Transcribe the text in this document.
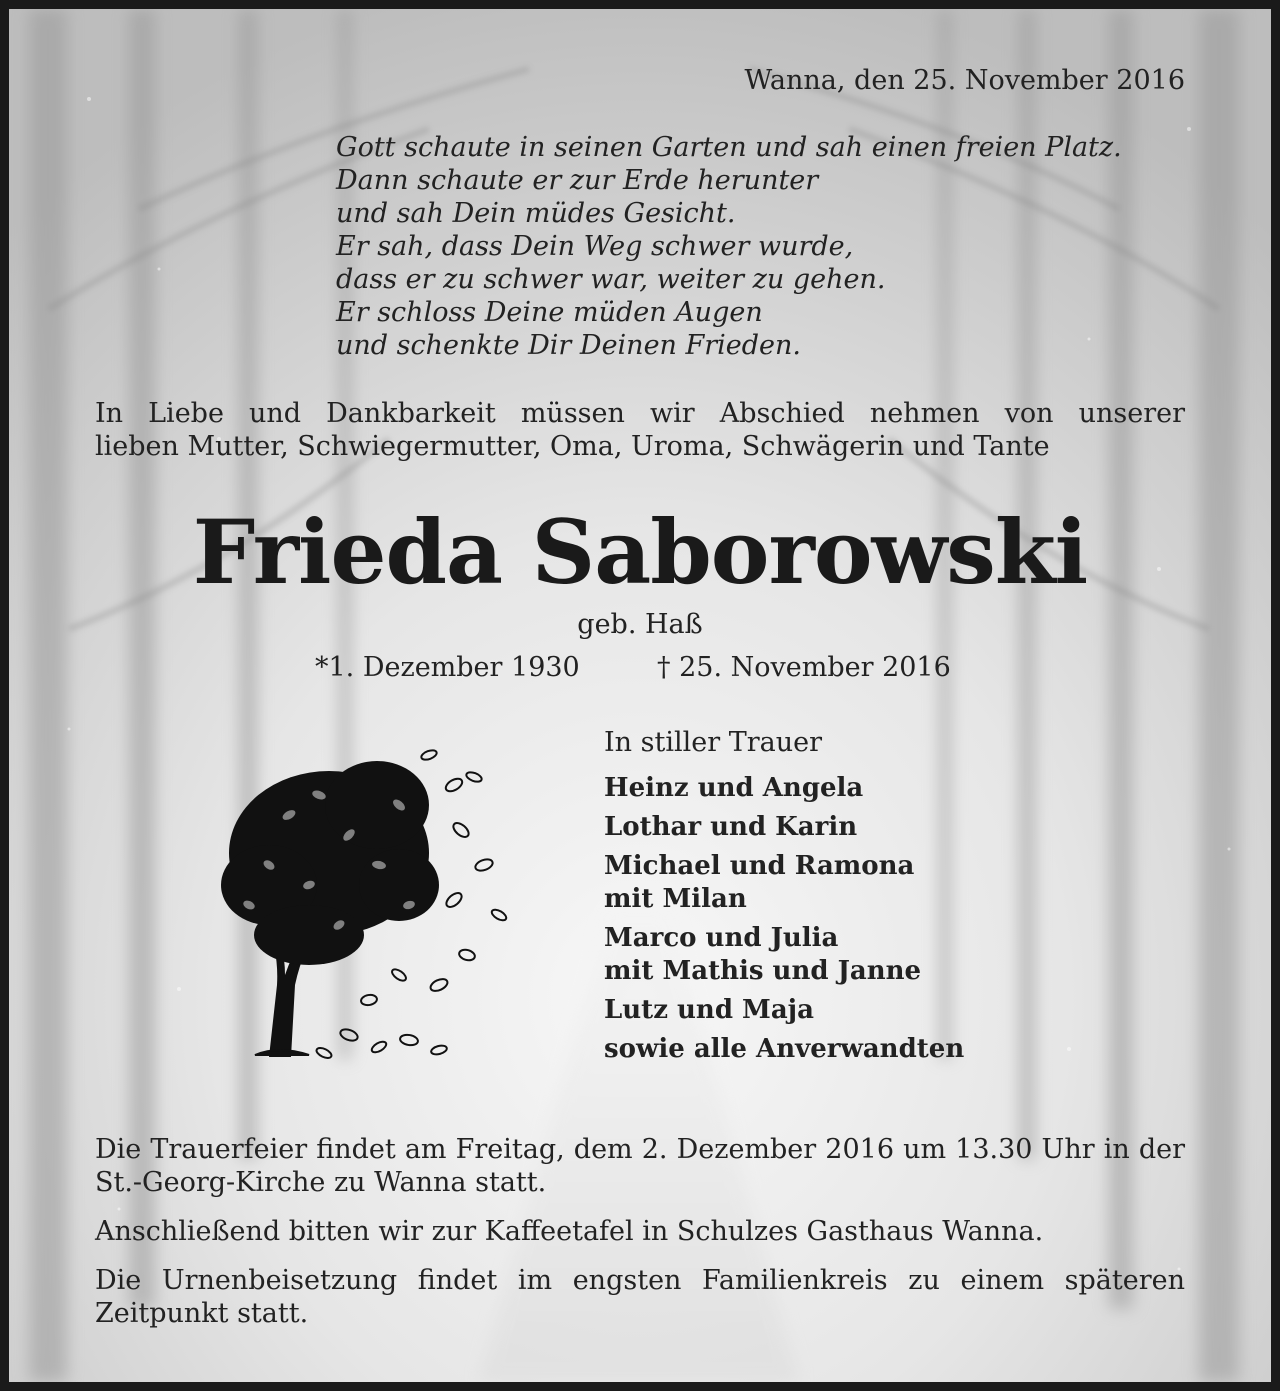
Wanna, den 25. November 2016
Gott schaute in seinen Garten und sah einen freien Platz.
Dann schaute er zur Erde herunter
und sah Dein müdes Gesicht.
Er sah, dass Dein Weg schwer wurde,
dass er zu schwer war, weiter zu gehen.
Er schloss Deine müden Augen
und schenkte Dir Deinen Frieden.
In Liebe und Dankbarkeit müssen wir Abschied nehmen von unserer
lieben Mutter, Schwiegermutter, Oma, Uroma, Schwägerin und Tante
Frieda Saborowski
geb. Haß
*1. Dezember 1930	† 25. November 2016
In stiller Trauer
Heinz und Angela
Lothar und Karin
Michael und Ramona
mit Milan
Marco und Julia
mit Mathis und Janne
Lutz und Maja
sowie alle Anverwandten
Die Trauerfeier findet am Freitag, dem 2. Dezember 2016 um 13.30 Uhr in der St.-Georg-Kirche zu Wanna statt.
Anschließend bitten wir zur Kaffeetafel in Schulzes Gasthaus Wanna.
Die Urnenbeisetzung findet im engsten Familienkreis zu einem späteren Zeitpunkt statt.
